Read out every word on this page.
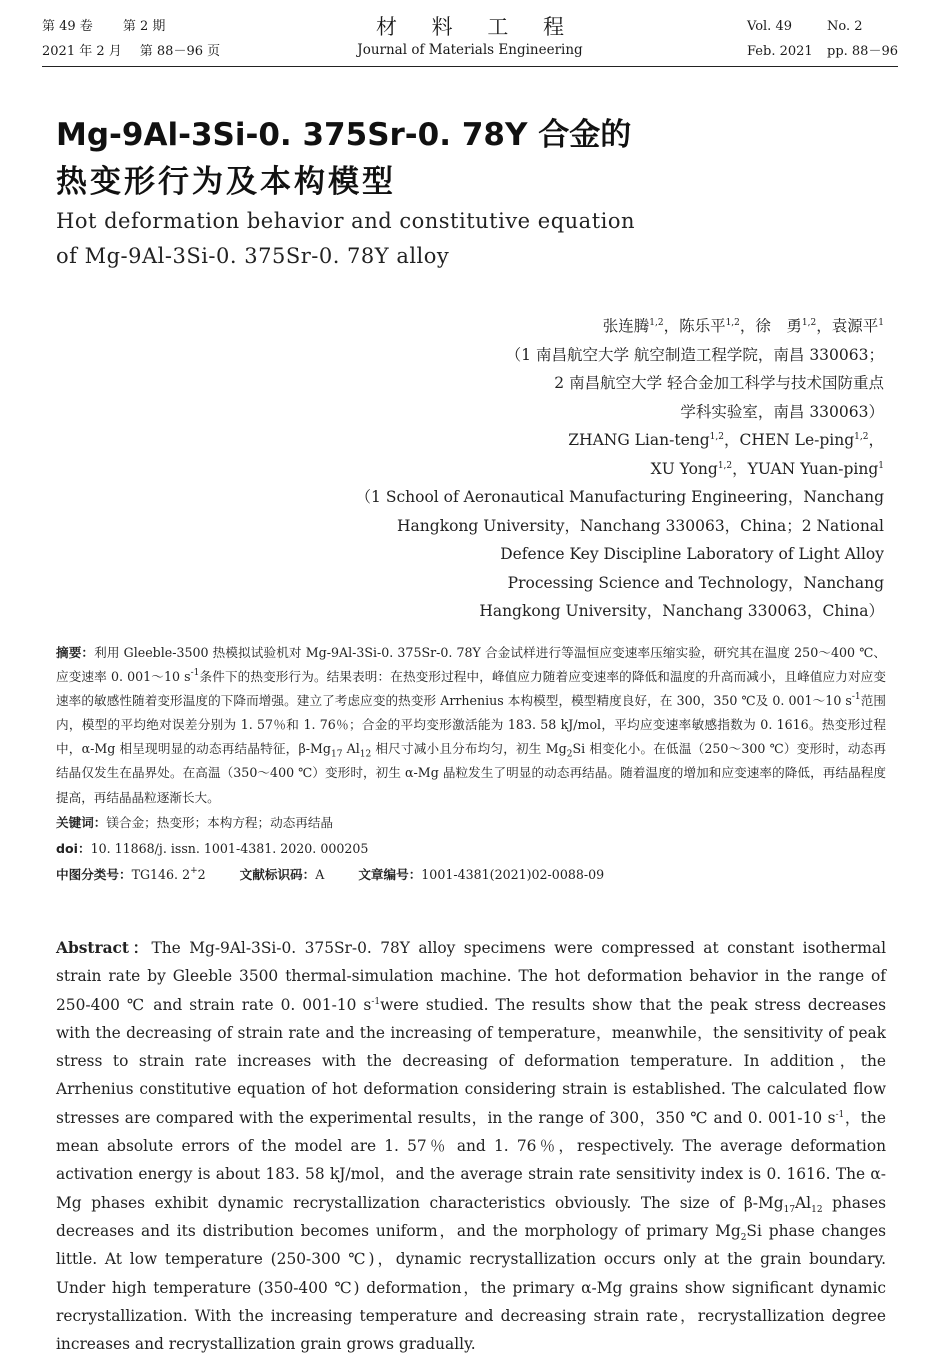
第 49 卷 第 2 期
2021 年 2 月 第 88－96 页
材 料 工 程
Journal of Materials Engineering
Vol. 49	No. 2
Feb. 2021 pp. 88－96
Mg-9Al-3Si-0. 375Sr-0. 78Y 合金的
热变形行为及本构模型
Hot deformation behavior and constitutive equation
of Mg-9Al-3Si-0. 375Sr-0. 78Y alloy
张连腾$^{1,2}$，陈乐平$^{1,2}$，徐　勇$^{1,2}$，袁源平$^1$
（1 南昌航空大学 航空制造工程学院，南昌 330063；
2 南昌航空大学 轻合金加工科学与技术国防重点
学科实验室，南昌 330063）
ZHANG Lian-teng$^{1,2}$，CHEN Le-ping$^{1,2}$，
XU Yong$^{1,2}$，YUAN Yuan-ping$^1$
（1 School of Aeronautical Manufacturing Engineering，Nanchang
Hangkong University，Nanchang 330063，China；2 National
Defence Key Discipline Laboratory of Light Alloy
Processing Science and Technology，Nanchang
Hangkong University，Nanchang 330063，China）
摘要：利用 Gleeble-3500 热模拟试验机对 Mg-9Al-3Si-0. 375Sr-0. 78Y 合金试样进行等温恒应变速率压缩实验，研究其在温度 250～400 ℃、应变速率 0. 001～10 $s^{-1}$条件下的热变形行为。结果表明：在热变形过程中，峰值应力随着应变速率的降低和温度的升高而减小，且峰值应力对应变速率的敏感性随着变形温度的下降而增强。建立了考虑应变的热变形 Arrhenius 本构模型，模型精度良好，在 300，350 ℃及 0. 001～10 $s^{-1}$范围内，模型的平均绝对误差分别为 1. 57％和 1. 76％；合金的平均变形激活能为 183. 58 kJ/mol，平均应变速率敏感指数为 0. 1616。热变形过程中，α-Mg 相呈现明显的动态再结晶特征，$\beta-Mg_{17}$ $Al_{12}$ 相尺寸减小且分布均匀，初生 $Mg_2Si$ 相变化小。在低温（250～300 ℃）变形时，动态再结晶仅发生在晶界处。在高温（350～400 ℃）变形时，初生 α-Mg 晶粒发生了明显的动态再结晶。随着温度的增加和应变速率的降低，再结晶程度提高，再结晶晶粒逐渐长大。
关键词：镁合金；热变形；本构方程；动态再结晶
doi：10. 11868/j. issn. 1001-4381. 2020. 000205
中图分类号：TG146. 2+2	文献标识码：A	文章编号：1001-4381(2021)02-0088-09
Abstract：The Mg-9Al-3Si-0. 375Sr-0. 78Y alloy specimens were compressed at constant isothermal strain rate by Gleeble 3500 thermal-simulation machine. The hot deformation behavior in the range of 250-400 ℃ and strain rate 0. 001-10 $s^{-1}were$ studied. The results show that the peak stress decreases with the decreasing of strain rate and the increasing of temperature，meanwhile，the sensitivity of peak stress to strain rate increases with the decreasing of deformation temperature. In addition，the Arrhenius constitutive equation of hot deformation considering strain is established. The calculated flow stresses are compared with the experimental results，in the range of 300，350 ℃ and 0. 001-10 $s^{-1}$，the mean absolute errors of the model are 1. 57％ and 1. 76％，respectively. The average deformation activation energy is about 183. 58 kJ/mol，and the average strain rate sensitivity index is 0. 1616. The α-Mg phases exhibit dynamic recrystallization characteristics obviously. The size of $\beta-Mg_{17}Al_{12}$ phases decreases and its distribution becomes uniform，and the morphology of primary $Mg_2Si$ phase changes little. At low temperature (250-300 ℃)，dynamic recrystallization occurs only at the grain boundary. Under high temperature (350-400 ℃) deformation，the primary α-Mg grains show significant dynamic recrystallization. With the increasing temperature and decreasing strain rate，recrystallization degree increases and recrystallization grain grows gradually.
